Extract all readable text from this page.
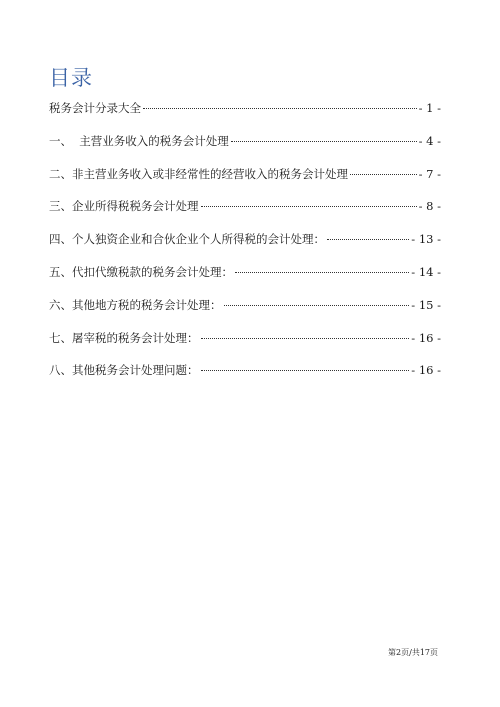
目录
税务会计分录大全	- 1 -
一、  主营业务收入的税务会计处理	- 4 -
二、非主营业务收入或非经常性的经营收入的税务会计处理	- 7 -
三、企业所得税税务会计处理	- 8 -
四、个人独资企业和合伙企业个人所得税的会计处理：	- 13 -
五、代扣代缴税款的税务会计处理：	- 14 -
六、其他地方税的税务会计处理：	- 15 -
七、屠宰税的税务会计处理：	- 16 -
八、其他税务会计处理问题：	- 16 -
第2页/共17页
